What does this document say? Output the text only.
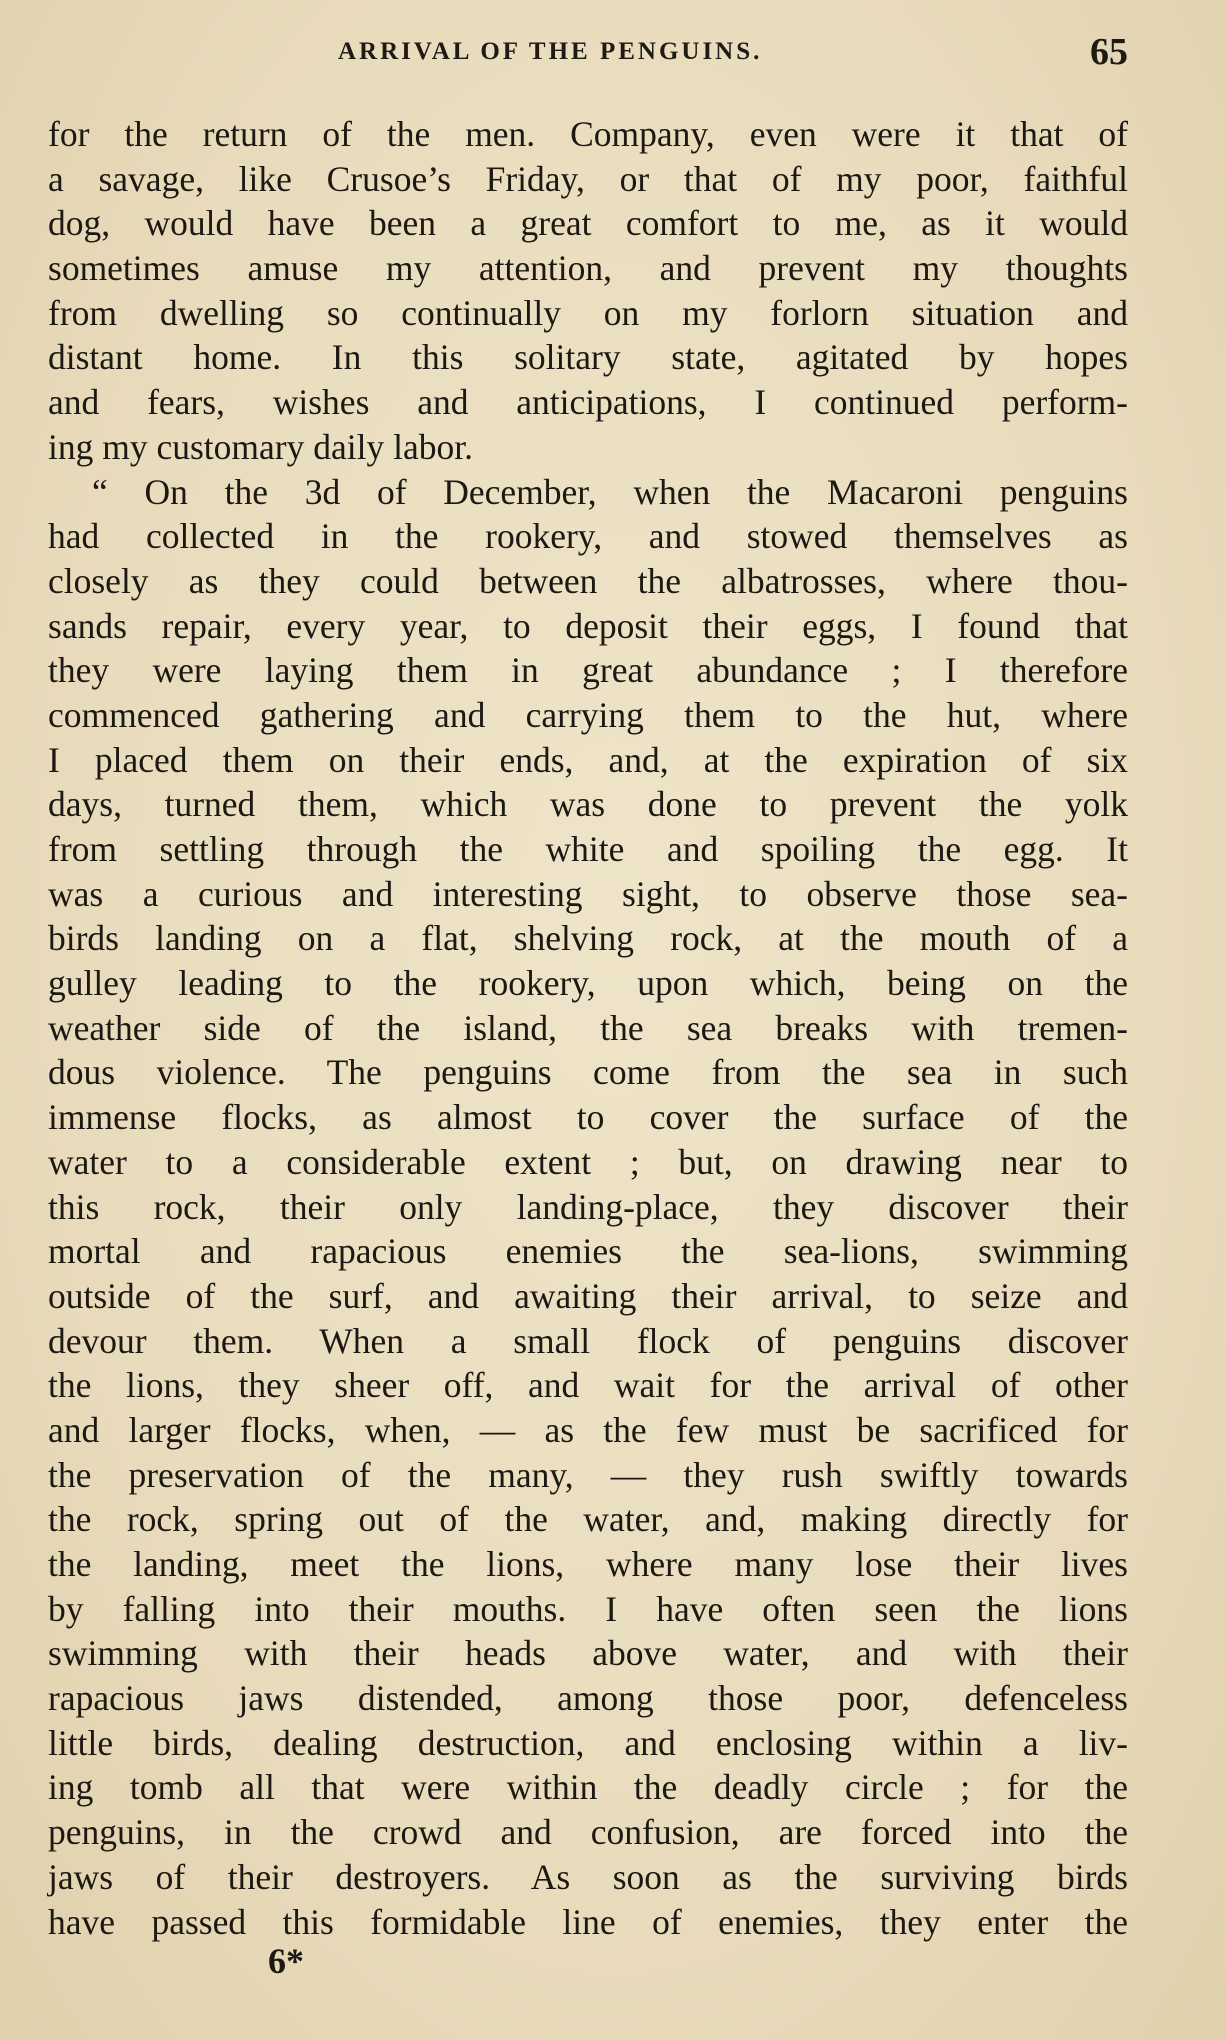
ARRIVAL OF THE PENGUINS.	65
for the return of the men. Company, even were it that of
a savage, like Crusoe’s Friday, or that of my poor, faithful
dog, would have been a great comfort to me, as it would
sometimes amuse my attention, and prevent my thoughts
from dwelling so continually on my forlorn situation and
distant home. In this solitary state, agitated by hopes
and fears, wishes and anticipations, I continued perform-
ing my customary daily labor.
“ On the 3d of December, when the Macaroni penguins
had collected in the rookery, and stowed themselves as
closely as they could between the albatrosses, where thou-
sands repair, every year, to deposit their eggs, I found that
they were laying them in great abundance ; I therefore
commenced gathering and carrying them to the hut, where
I placed them on their ends, and, at the expiration of six
days, turned them, which was done to prevent the yolk
from settling through the white and spoiling the egg. It
was a curious and interesting sight, to observe those sea-
birds landing on a flat, shelving rock, at the mouth of a
gulley leading to the rookery, upon which, being on the
weather side of the island, the sea breaks with tremen-
dous violence. The penguins come from the sea in such
immense flocks, as almost to cover the surface of the
water to a considerable extent ; but, on drawing near to
this rock, their only landing-place, they discover their
mortal and rapacious enemies the sea-lions, swimming
outside of the surf, and awaiting their arrival, to seize and
devour them. When a small flock of penguins discover
the lions, they sheer off, and wait for the arrival of other
and larger flocks, when, — as the few must be sacrificed for
the preservation of the many, — they rush swiftly towards
the rock, spring out of the water, and, making directly for
the landing, meet the lions, where many lose their lives
by falling into their mouths. I have often seen the lions
swimming with their heads above water, and with their
rapacious jaws distended, among those poor, defenceless
little birds, dealing destruction, and enclosing within a liv-
ing tomb all that were within the deadly circle ; for the
penguins, in the crowd and confusion, are forced into the
jaws of their destroyers. As soon as the surviving birds
have passed this formidable line of enemies, they enter the
6*
